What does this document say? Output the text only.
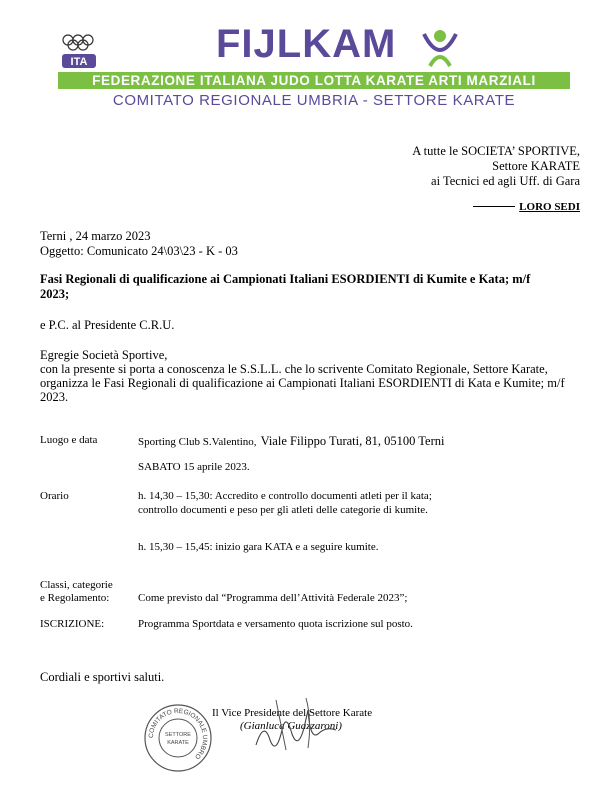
ITA	FIJLKAM
FEDERAZIONE ITALIANA JUDO LOTTA KARATE ARTI MARZIALI
COMITATO REGIONALE UMBRIA - SETTORE KARATE
A tutte le SOCIETA’ SPORTIVE,
Settore KARATE
ai Tecnici ed agli Uff. di Gara
LORO SEDI
Terni , 24 marzo 2023
Oggetto: Comunicato 24\03\23 - K - 03
Fasi Regionali di qualificazione ai Campionati Italiani ESORDIENTI di Kumite e Kata; m/f
2023;
e P.C. al Presidente C.R.U.
Egregie Società Sportive,
con la presente si porta a conoscenza le S.S.L.L. che lo scrivente Comitato Regionale, Settore Karate,
organizza le Fasi Regionali di qualificazione ai Campionati Italiani ESORDIENTI di Kata e Kumite; m/f
2023.
Luogo e data	Sporting Club S.Valentino, Viale Filippo Turati, 81, 05100 Terni
SABATO 15 aprile 2023.
Orario	h. 14,30 – 15,30: Accredito e controllo documenti atleti per il kata;
controllo documenti e peso per gli atleti delle categorie di kumite.
h. 15,30 – 15,45: inizio gara KATA e a seguire kumite.
Classi, categorie
e Regolamento:	Come previsto dal “Programma dell’Attività Federale 2023”;
ISCRIZIONE:	Programma Sportdata e versamento quota iscrizione sul posto.
Cordiali e sportivi saluti.
COMITATO REGIONALE UMBRO
SETTORE
KARATE
Il Vice Presidente del Settore Karate
(Gianluca Guazzaroni)
